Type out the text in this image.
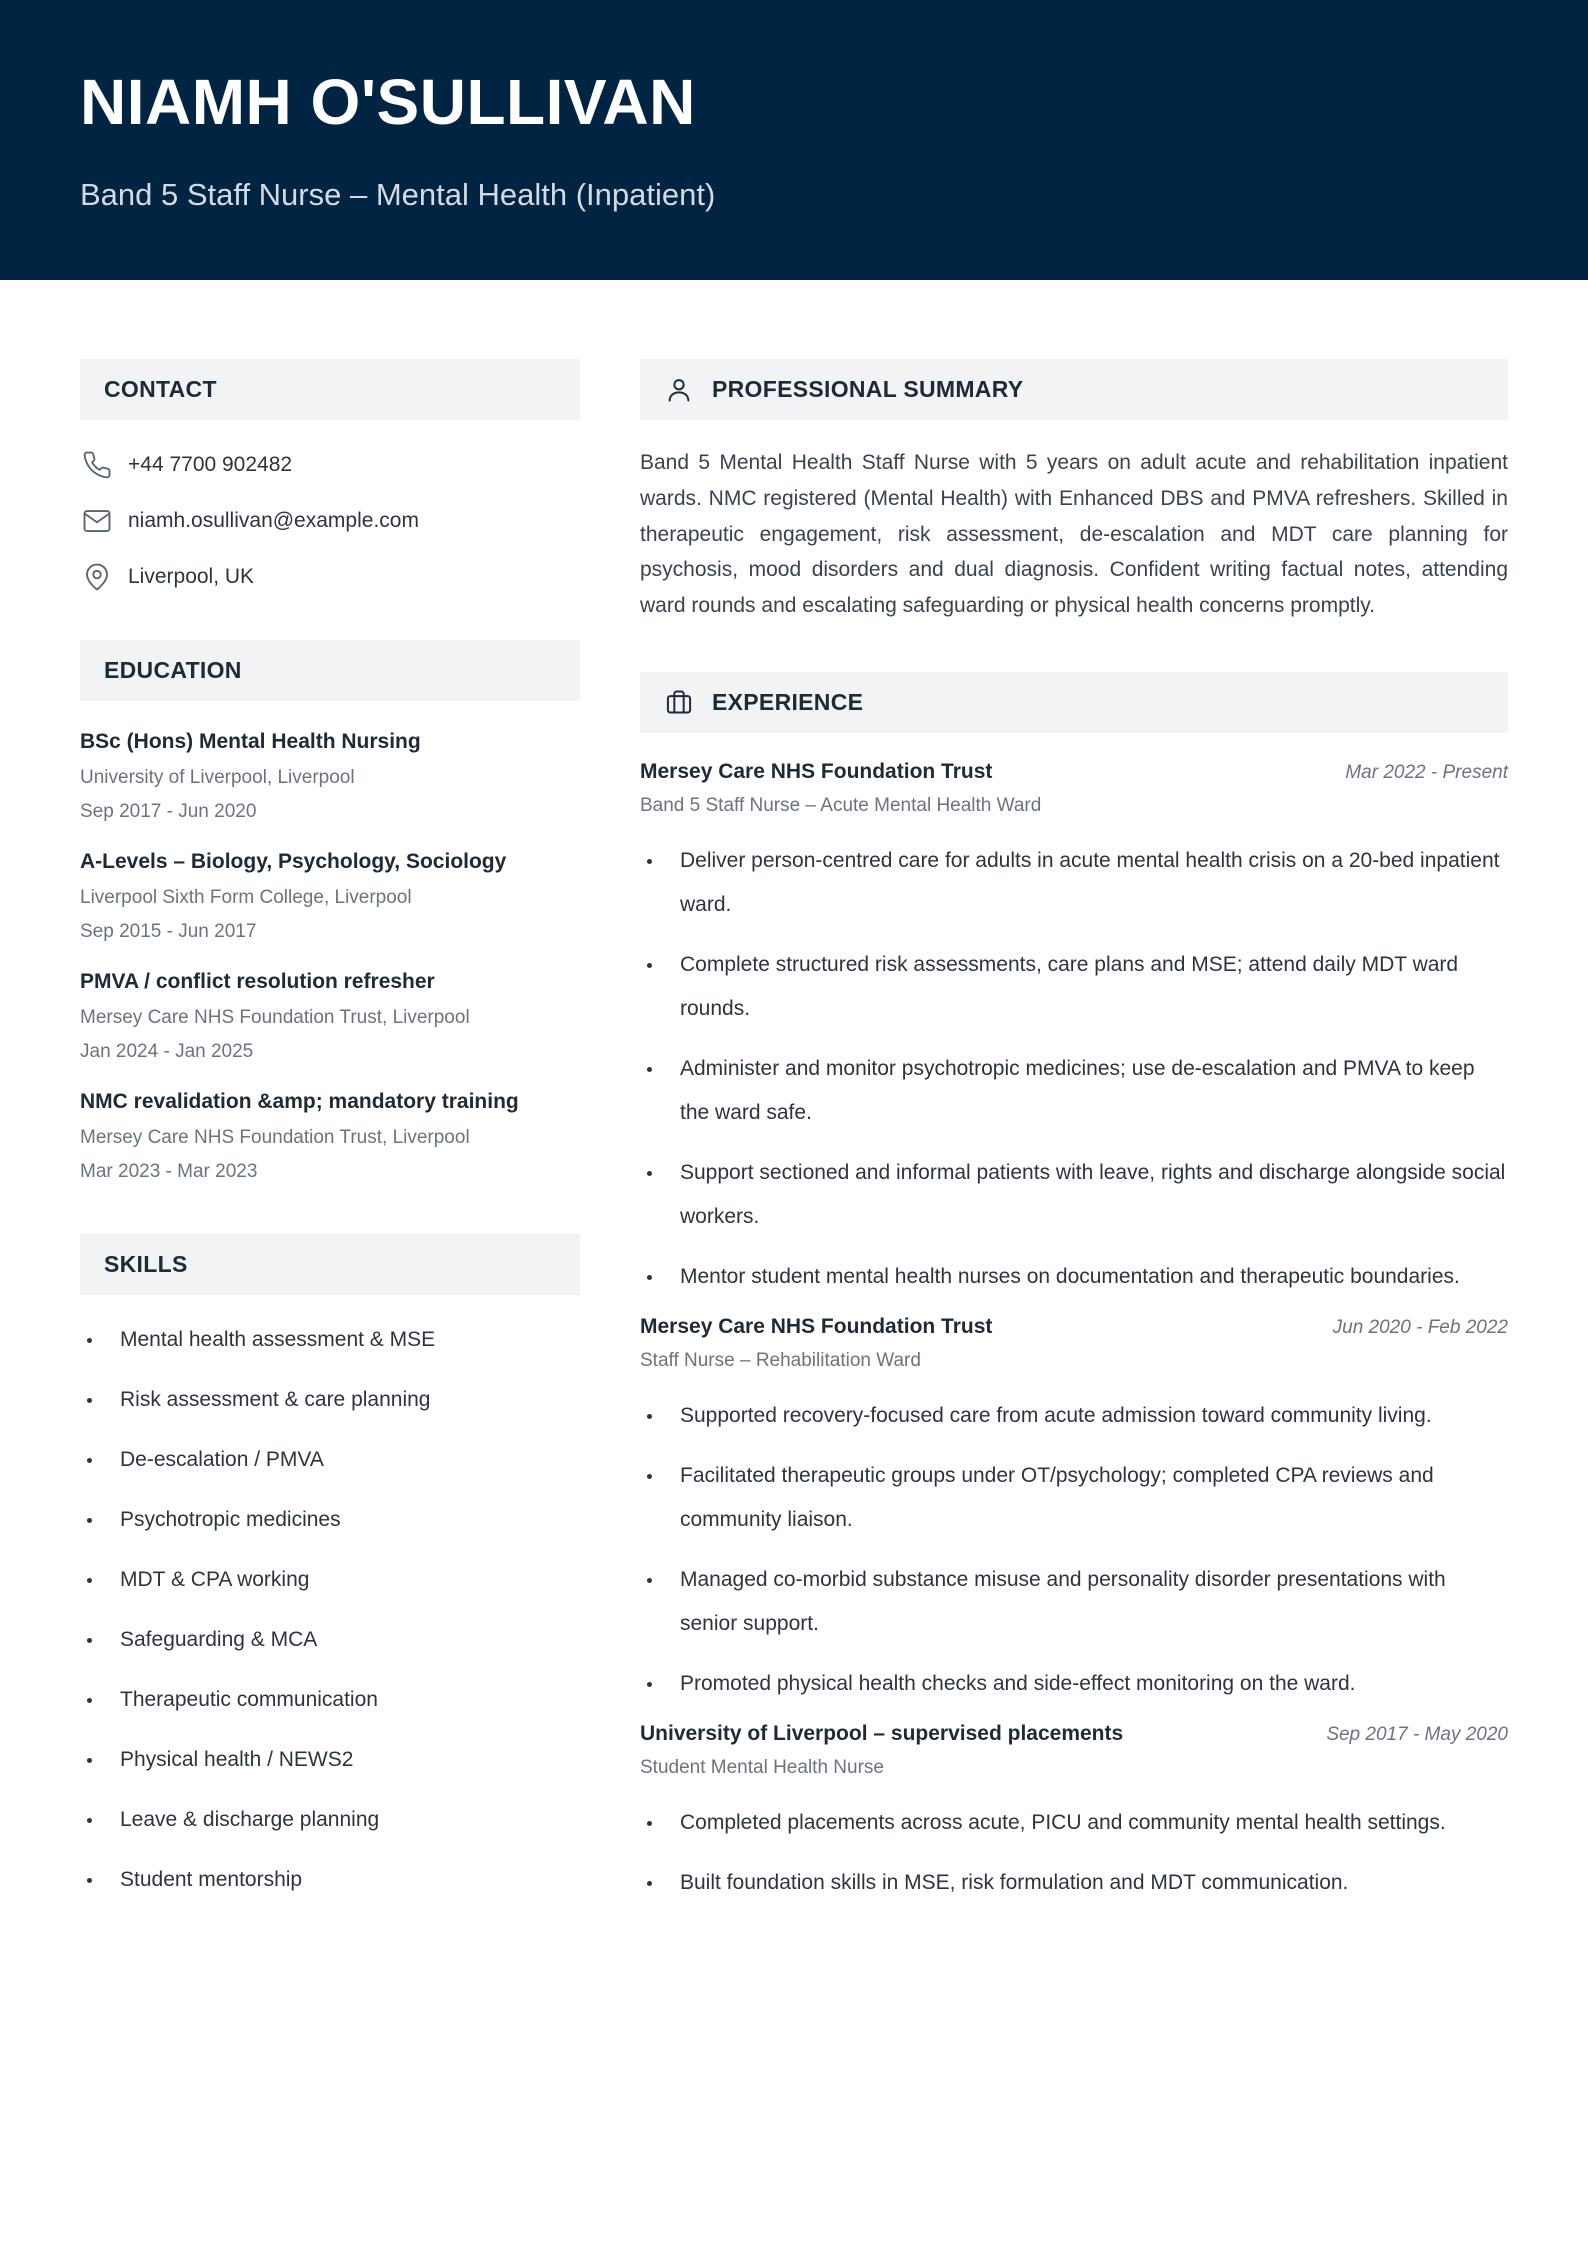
NIAMH O'SULLIVAN
Band 5 Staff Nurse – Mental Health (Inpatient)
CONTACT
+44 7700 902482
niamh.osullivan@example.com
Liverpool, UK
EDUCATION
BSc (Hons) Mental Health Nursing
University of Liverpool, Liverpool
Sep 2017 - Jun 2020
A-Levels – Biology, Psychology, Sociology
Liverpool Sixth Form College, Liverpool
Sep 2015 - Jun 2017
PMVA / conflict resolution refresher
Mersey Care NHS Foundation Trust, Liverpool
Jan 2024 - Jan 2025
NMC revalidation &amp; mandatory training
Mersey Care NHS Foundation Trust, Liverpool
Mar 2023 - Mar 2023
SKILLS
Mental health assessment & MSE
Risk assessment & care planning
De-escalation / PMVA
Psychotropic medicines
MDT & CPA working
Safeguarding & MCA
Therapeutic communication
Physical health / NEWS2
Leave & discharge planning
Student mentorship
PROFESSIONAL SUMMARY

Band 5 Mental Health Staff Nurse with 5 years on adult acute and rehabilitation inpatient wards. NMC registered (Mental Health) with Enhanced DBS and PMVA refreshers. Skilled in therapeutic engagement, risk assessment, de-escalation and MDT care planning for psychosis, mood disorders and dual diagnosis. Confident writing factual notes, attending ward rounds and escalating safeguarding or physical health concerns promptly.

EXPERIENCE
Mersey Care NHS Foundation Trust	Mar 2022 - Present
Band 5 Staff Nurse – Acute Mental Health Ward
Deliver person-centred care for adults in acute mental health crisis on a 20-bed inpatient ward.
Complete structured risk assessments, care plans and MSE; attend daily MDT ward rounds.
Administer and monitor psychotropic medicines; use de-escalation and PMVA to keep the ward safe.
Support sectioned and informal patients with leave, rights and discharge alongside social workers.
Mentor student mental health nurses on documentation and therapeutic boundaries.
Mersey Care NHS Foundation Trust	Jun 2020 - Feb 2022
Staff Nurse – Rehabilitation Ward
Supported recovery-focused care from acute admission toward community living.
Facilitated therapeutic groups under OT/psychology; completed CPA reviews and community liaison.
Managed co-morbid substance misuse and personality disorder presentations with senior support.
Promoted physical health checks and side-effect monitoring on the ward.
University of Liverpool – supervised placements	Sep 2017 - May 2020
Student Mental Health Nurse
Completed placements across acute, PICU and community mental health settings.
Built foundation skills in MSE, risk formulation and MDT communication.
